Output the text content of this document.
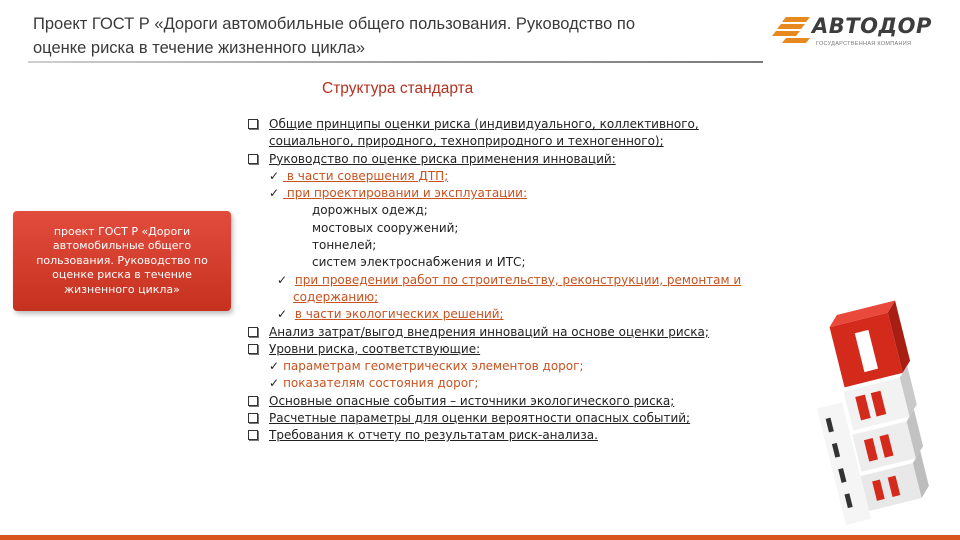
Проект ГОСТ Р «Дороги автомобильные общего пользования. Руководство по
оценке риска в течение жизненного цикла»
АВТОДОР
ГОСУДАРСТВЕННАЯ КОМПАНИЯ
Структура стандарта
проект ГОСТ Р «Дороги автомобильные общего пользования. Руководство по оценке риска в течение жизненного цикла»
Общие принципы оценки риска (индивидуального, коллективного,
социального, природного, техноприродного и техногенного);
Руководство по оценке риска применения инноваций:
✓ в части совершения ДТП;
✓ при проектировании и эксплуатации:
дорожных одежд;
мостовых сооружений;
тоннелей;
систем электроснабжения и ИТС;
✓ при проведении работ по строительству, реконструкции, ремонтам и
содержанию;
✓ в части экологических решений;
Анализ затрат/выгод внедрения инноваций на основе оценки риска;
Уровни риска, соответствующие:
✓ параметрам геометрических элементов дорог;
✓ показателям состояния дорог;
Основные опасные события – источники экологического риска;
Расчетные параметры для оценки вероятности опасных событий;
Требования к отчету по результатам риск-анализа.
